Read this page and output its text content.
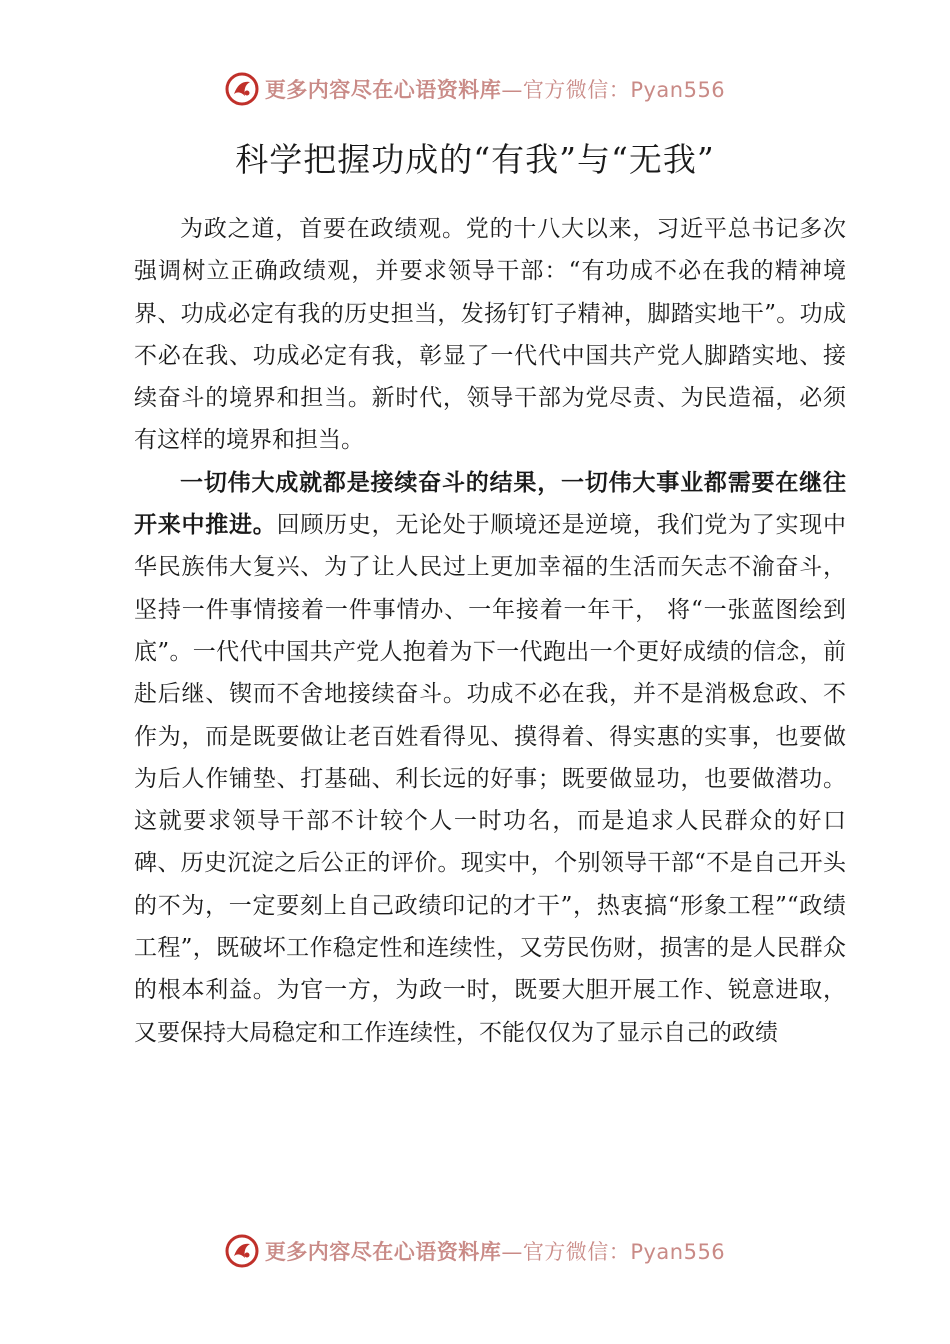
更多内容尽在心语资料库—官方微信：Pyan556
科学把握功成的“有我”与“无我”

为政之道，首要在政绩观。党的十八大以来，习近平总书记多次强调树立正确政绩观，并要求领导干部：“有功成不必在我的精神境界、功成必定有我的历史担当，发扬钉钉子精神，脚踏实地干”。功成不必在我、功成必定有我，彰显了一代代中国共产党人脚踏实地、接续奋斗的境界和担当。新时代，领导干部为党尽责、为民造福，必须有这样的境界和担当。

一切伟大成就都是接续奋斗的结果，一切伟大事业都需要在继往开来中推进。回顾历史，无论处于顺境还是逆境，我们党为了实现中华民族伟大复兴、为了让人民过上更加幸福的生活而矢志不渝奋斗，坚持一件事情接着一件事情办、一年接着一年干， 将“一张蓝图绘到底”。一代代中国共产党人抱着为下一代跑出一个更好成绩的信念，前赴后继、锲而不舍地接续奋斗。功成不必在我，并不是消极怠政、不作为，而是既要做让老百姓看得见、摸得着、得实惠的实事，也要做为后人作铺垫、打基础、利长远的好事；既要做显功，也要做潜功。这就要求领导干部不计较个人一时功名，而是追求人民群众的好口碑、历史沉淀之后公正的评价。现实中，个别领导干部“不是自己开头的不为，一定要刻上自己政绩印记的才干”，热衷搞“形象工程”“政绩工程”，既破坏工作稳定性和连续性，又劳民伤财，损害的是人民群众的根本利益。为官一方，为政一时，既要大胆开展工作、锐意进取， 又要保持大局稳定和工作连续性，不能仅仅为了显示自己的政绩

更多内容尽在心语资料库—官方微信：Pyan556
